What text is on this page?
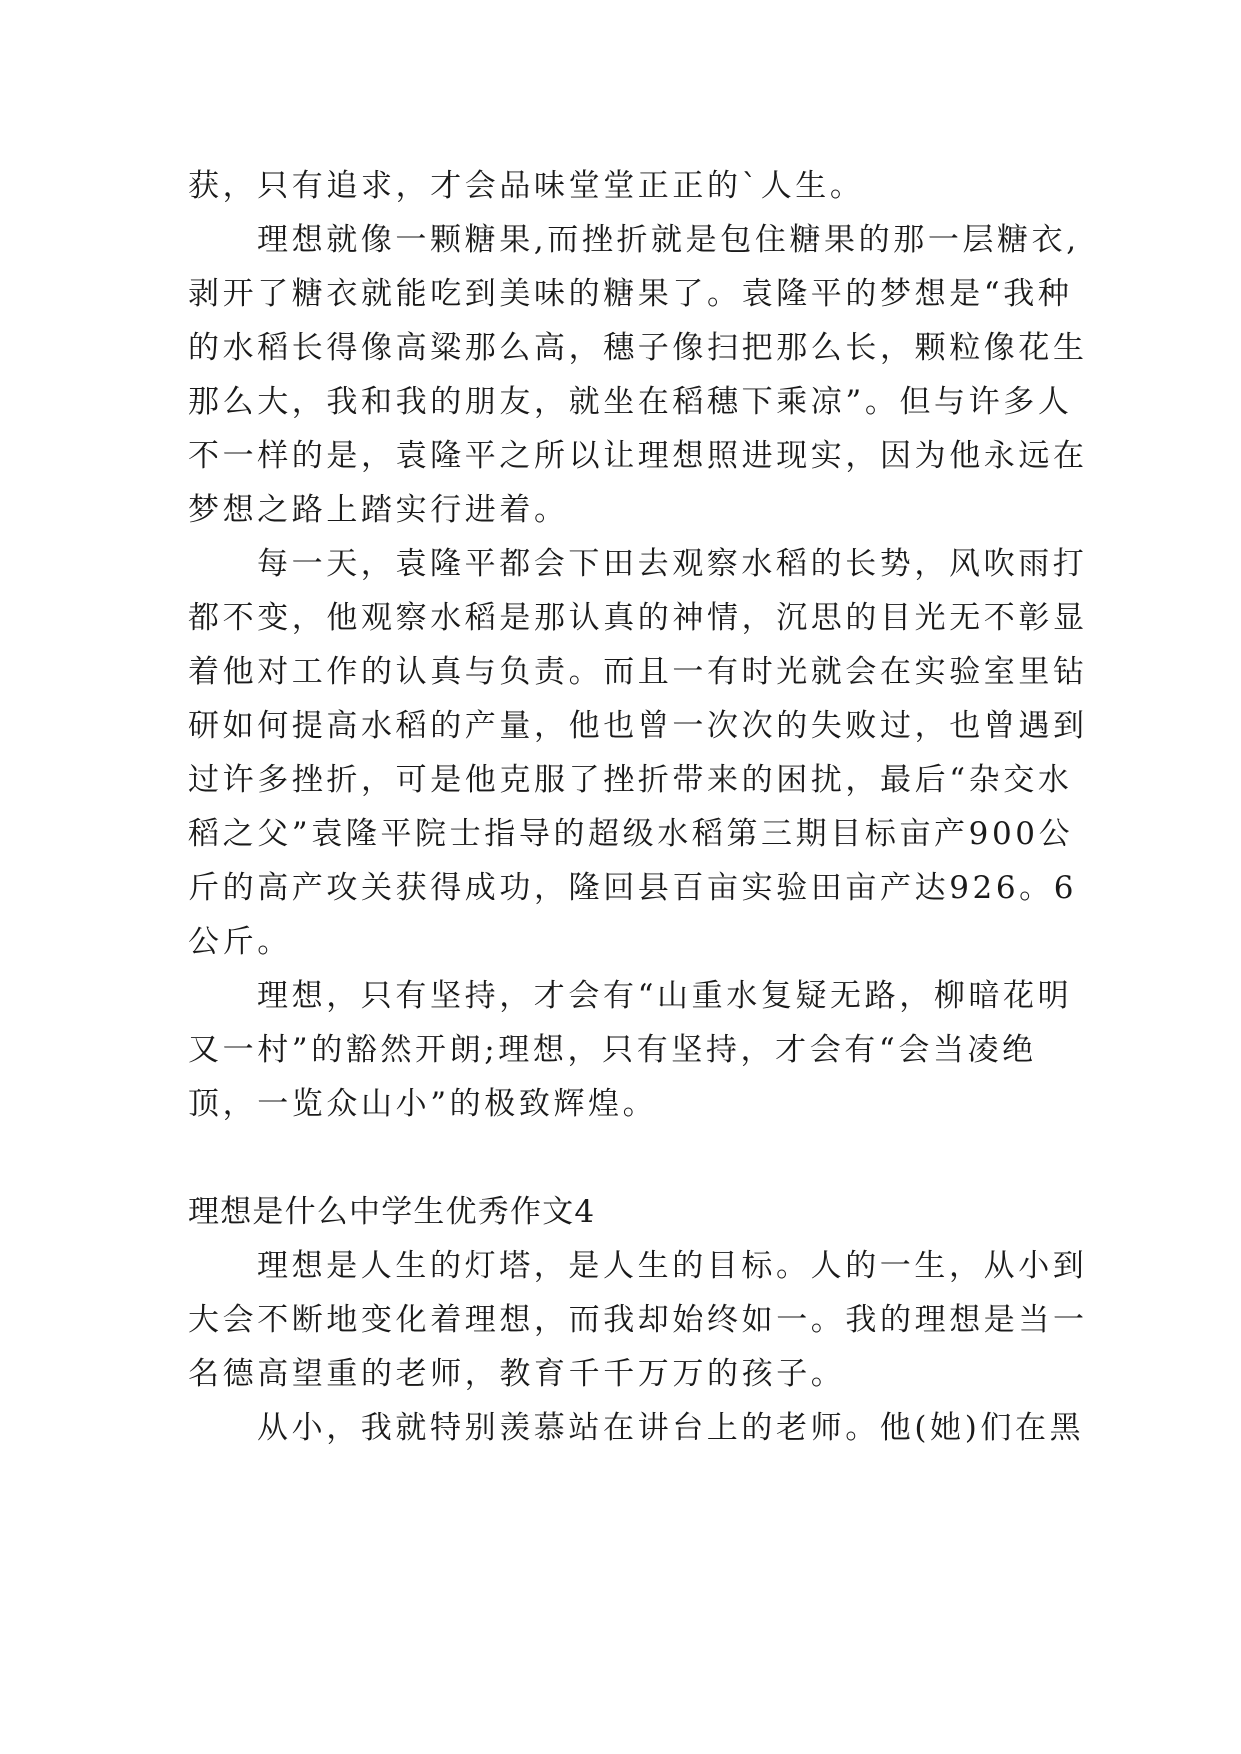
获，只有追求，才会品味堂堂正正的`人生。
理想就像一颗糖果,而挫折就是包住糖果的那一层糖衣,
剥开了糖衣就能吃到美味的糖果了。袁隆平的梦想是“我种
的水稻长得像高粱那么高，穗子像扫把那么长，颗粒像花生
那么大，我和我的朋友，就坐在稻穗下乘凉”。但与许多人
不一样的是，袁隆平之所以让理想照进现实，因为他永远在
梦想之路上踏实行进着。
每一天，袁隆平都会下田去观察水稻的长势，风吹雨打
都不变，他观察水稻是那认真的神情，沉思的目光无不彰显
着他对工作的认真与负责。而且一有时光就会在实验室里钻
研如何提高水稻的产量，他也曾一次次的失败过，也曾遇到
过许多挫折，可是他克服了挫折带来的困扰，最后“杂交水
稻之父”袁隆平院士指导的超级水稻第三期目标亩产900公
斤的高产攻关获得成功，隆回县百亩实验田亩产达926。6
公斤。
理想，只有坚持，才会有“山重水复疑无路，柳暗花明
又一村”的豁然开朗;理想，只有坚持，才会有“会当凌绝
顶，一览众山小”的极致辉煌。
理想是什么中学生优秀作文4
理想是人生的灯塔，是人生的目标。人的一生，从小到
大会不断地变化着理想，而我却始终如一。我的理想是当一
名德高望重的老师，教育千千万万的孩子。
从小，我就特别羡慕站在讲台上的老师。他(她)们在黑
